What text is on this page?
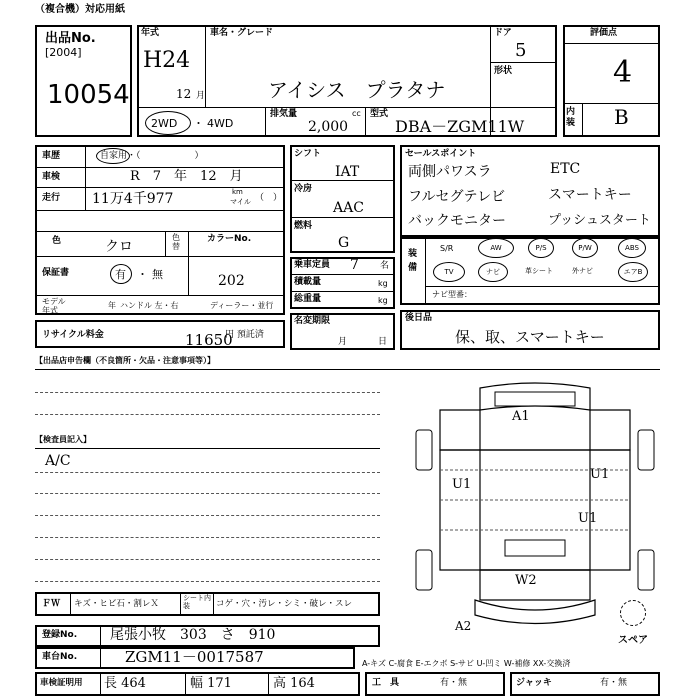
（複合機）対応用紙
出品No.
[2004]
10054
年式
H24
12 月
車名・グレード
アイシス　プラタナ
ドア
5
形状
2WD ・ 4WD
排気量
2,000
cc 型式
DBA－ZGM11W
評価点
4
内装 B
車歴	自家用・（　　　　　　）
車検	R　7　年　12　月
走行 11万4千977	km
マイル （　）
色	クロ
色替
カラーNo.
202
保証書	有 ・ 無
モデル年式
年 ハンドル 左・右	ディーラー・並行
リサイクル料金	11650
円 預託済
シフト
IAT
冷房
AAC
燃料
G
乗車定員 7 名
積載量	kg
総重量	kg
名変期限
月	日
セールスポイント
両側パワスラ	ETC
フルセグテレビ	スマートキー
バックモニター	プッシュスタート
装備
S/R	AW	P/S	P/W	ABS
TV	ナビ	革シート	外ナビ	エアB
ナビ型番：
後日品
保、取、スマートキー
【出品店申告欄（不良箇所・欠品・注意事項等）】
【検査員記入】
A/C
A1
U1
U1
U1
W2
A2
スペア
ＦＷ キズ・ヒビ石・割レＸ
シート内装	コゲ・穴・汚レ・シミ・破レ・スレ
登録No. 尾張小牧　303　さ　910
車台No.	ZGM11－0017587	A-キズ C-腐食 E-エクボ S-サビ U-凹ミ W-補修 XX-交換済
車検証明用 長 464	幅 171	高 164	工　具	有・無	ジャッキ	有・無
